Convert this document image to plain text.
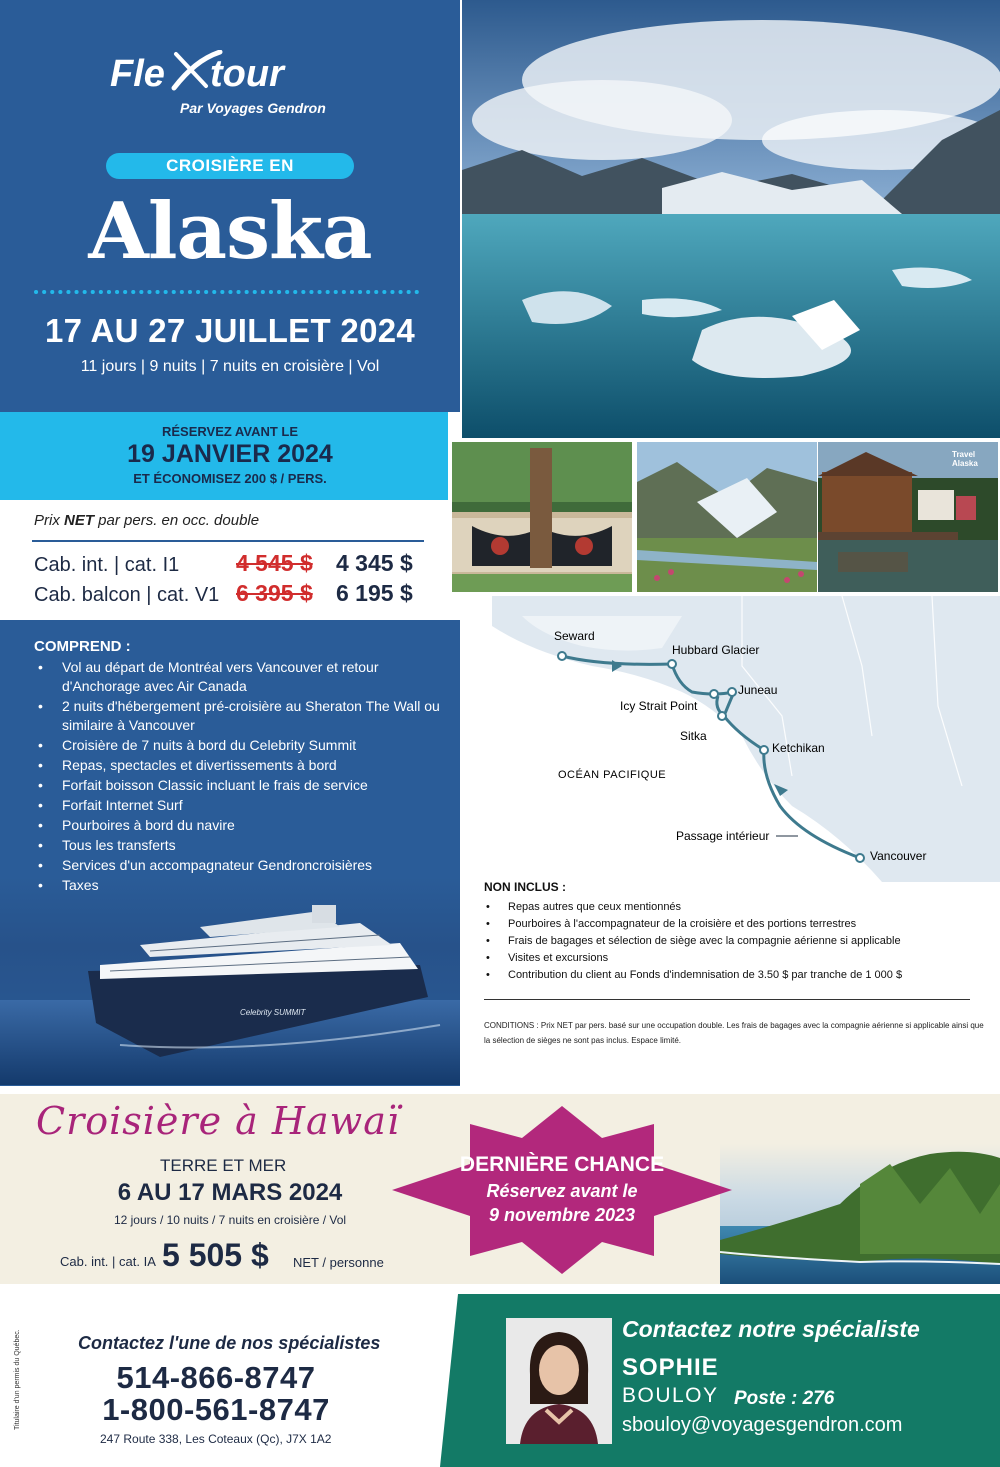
Fle tour
Par Voyages Gendron
CROISIÈRE EN
Alaska
17 AU 27 JUILLET 2024
11 jours | 9 nuits | 7 nuits en croisière | Vol
RÉSERVEZ AVANT LE
19 JANVIER 2024
ET ÉCONOMISEZ 200 $ / PERS.
Prix NET par pers. en occ. double
Cab. int. | cat. I1 4 545 $ 4 345 $
Cab. balcon | cat. V1 6 395 $ 6 195 $
COMPREND :
• Vol au départ de Montréal vers Vancouver et retour d'Anchorage avec Air Canada
• 2 nuits d'hébergement pré-croisière au Sheraton The Wall ou similaire à Vancouver
• Croisière de 7 nuits à bord du Celebrity Summit
• Repas, spectacles et divertissements à bord
• Forfait boisson Classic incluant le frais de service
• Forfait Internet Surf
• Pourboires à bord du navire
• Tous les transferts
• Services d'un accompagnateur Gendroncroisières
• Taxes
Celebrity SUMMIT
Travel Alaska
Seward
Hubbard Glacier
Juneau
Icy Strait Point
Sitka
Ketchikan
Vancouver
OCÉAN PACIFIQUE
Passage intérieur
NON INCLUS :
• Repas autres que ceux mentionnés
• Pourboires à l'accompagnateur de la croisière et des portions terrestres
• Frais de bagages et sélection de siège avec la compagnie aérienne si applicable
• Visites et excursions
• Contribution du client au Fonds d'indemnisation de 3.50 $ par tranche de 1 000 $
CONDITIONS : Prix NET par pers. basé sur une occupation double. Les frais de bagages avec la compagnie aérienne si applicable ainsi que la sélection de sièges ne sont pas inclus. Espace limité.
Croisière à Hawaï
TERRE ET MER
6 AU 17 MARS 2024
12 jours / 10 nuits / 7 nuits en croisière / Vol
Cab. int. | cat. IA 5 505 $ NET / personne
DERNIÈRE CHANCE
Réservez avant le
9 novembre 2023
Titulaire d'un permis du Québec.	Contactez l'une de nos spécialistes
514-866-8747
1-800-561-8747
247 Route 338, Les Coteaux (Qc), J7X 1A2
Contactez notre spécialiste
SOPHIE
BOULOY Poste : 276
sbouloy@voyagesgendron.com
